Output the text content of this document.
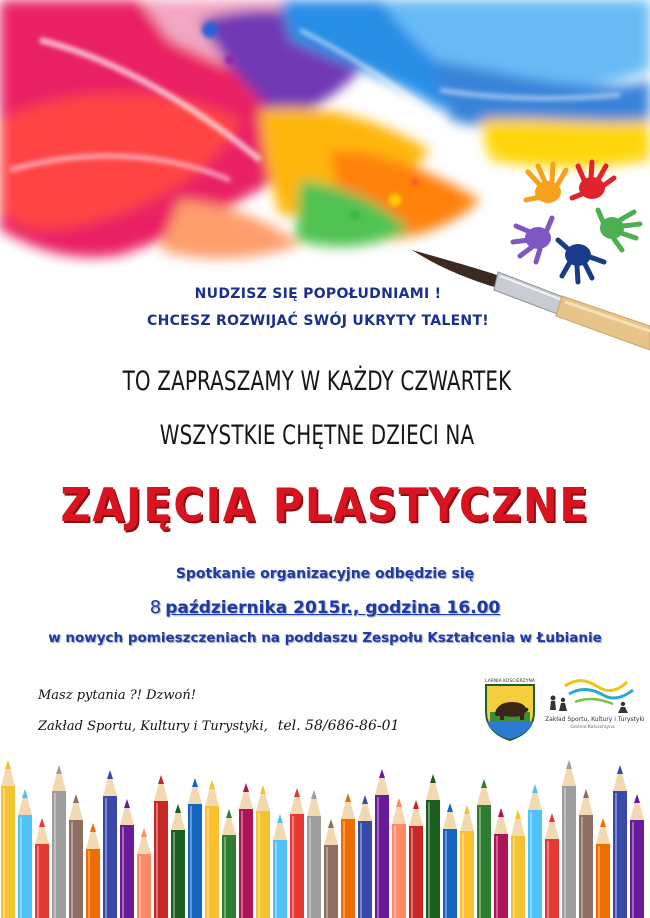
NUDZISZ SIĘ POPOŁUDNIAMI !
CHCESZ ROZWIJAĆ SWÓJ UKRYTY TALENT!
TO ZAPRASZAMY W KAŻDY CZWARTEK
WSZYSTKIE CHĘTNE DZIECI NA
ZAJĘCIA PLASTYCZNE
Spotkanie organizacyjne odbędzie się
8 października 2015r., godzina 16.00
w nowych pomieszczeniach na poddaszu Zespołu Kształcenia w Łubianie
Masz pytania ?! Dzwoń!
Zakład Sportu, Kultury i Turystyki, tel. 58/686-86-01
LARNIA KOŚCIERZYNA
Zakład Sportu, Kultury i Turystyki
Gminie Kościerzyna
